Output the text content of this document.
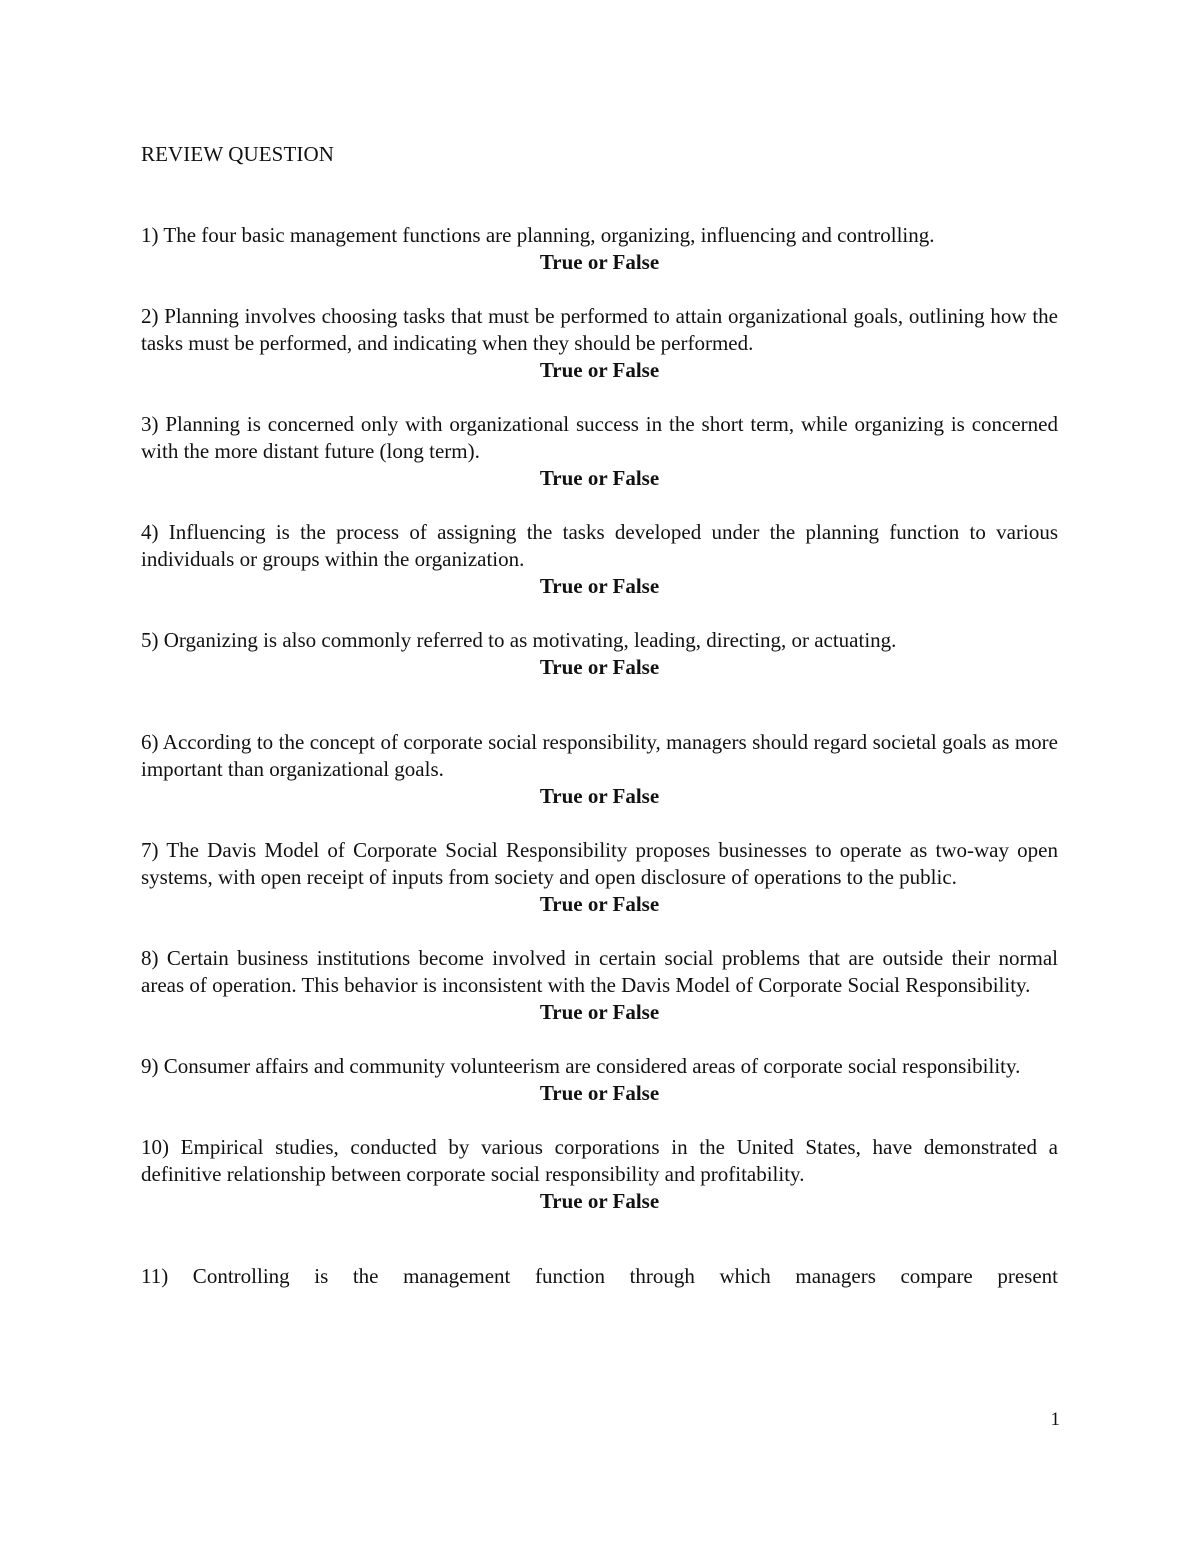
REVIEW QUESTION

1) The four basic management functions are planning, organizing, influencing and controlling.

True or False

2) Planning involves choosing tasks that must be performed to attain organizational goals, outlining how the tasks must be performed, and indicating when they should be performed.

True or False

3) Planning is concerned only with organizational success in the short term, while organizing is concerned with the more distant future (long term).

True or False

4) Influencing is the process of assigning the tasks developed under the planning function to various individuals or groups within the organization.

True or False

5) Organizing is also commonly referred to as motivating, leading, directing, or actuating.

True or False

6) According to the concept of corporate social responsibility, managers should regard societal goals as more important than organizational goals.

True or False

7) The Davis Model of Corporate Social Responsibility proposes businesses to operate as two-way open systems, with open receipt of inputs from society and open disclosure of operations to the public.

True or False

8) Certain business institutions become involved in certain social problems that are outside their normal areas of operation. This behavior is inconsistent with the Davis Model of Corporate Social Responsibility.

True or False

9) Consumer affairs and community volunteerism are considered areas of corporate social responsibility.

True or False

10) Empirical studies, conducted by various corporations in the United States, have demonstrated a definitive relationship between corporate social responsibility and profitability.

True or False

11) Controlling is the management function through which managers compare present

1
